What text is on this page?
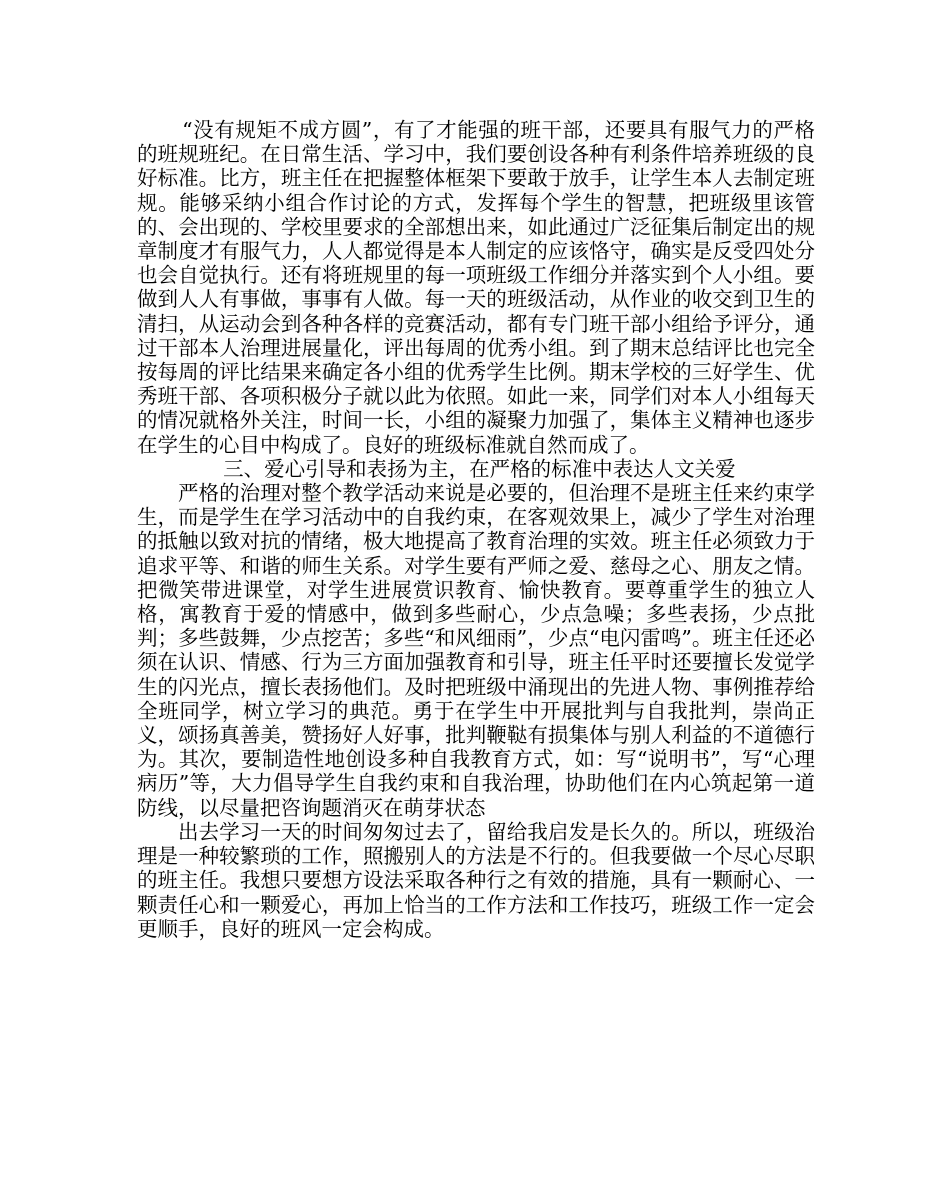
“没有规矩不成方圆”，有了才能强的班干部，还要具有服气力的严格的班规班纪。在日常生活、学习中，我们要创设各种有利条件培养班级的良好标准。比方，班主任在把握整体框架下要敢于放手，让学生本人去制定班规。能够采纳小组合作讨论的方式，发挥每个学生的智慧，把班级里该管的、会出现的、学校里要求的全部想出来，如此通过广泛征集后制定出的规章制度才有服气力，人人都觉得是本人制定的应该恪守，确实是反受四处分也会自觉执行。还有将班规里的每一项班级工作细分并落实到个人小组。要做到人人有事做，事事有人做。每一天的班级活动，从作业的收交到卫生的清扫，从运动会到各种各样的竞赛活动，都有专门班干部小组给予评分，通过干部本人治理进展量化，评出每周的优秀小组。到了期末总结评比也完全按每周的评比结果来确定各小组的优秀学生比例。期末学校的三好学生、优秀班干部、各项积极分子就以此为依照。如此一来，同学们对本人小组每天的情况就格外关注，时间一长，小组的凝聚力加强了，集体主义精神也逐步在学生的心目中构成了。良好的班级标准就自然而成了。

三、爱心引导和表扬为主，在严格的标准中表达人文关爱

严格的治理对整个教学活动来说是必要的，但治理不是班主任来约束学生，而是学生在学习活动中的自我约束，在客观效果上，减少了学生对治理的抵触以致对抗的情绪，极大地提高了教育治理的实效。班主任必须致力于追求平等、和谐的师生关系。对学生要有严师之爱、慈母之心、朋友之情。把微笑带进课堂，对学生进展赏识教育、愉快教育。要尊重学生的独立人格，寓教育于爱的情感中，做到多些耐心，少点急噪；多些表扬，少点批判；多些鼓舞，少点挖苦；多些“和风细雨”，少点“电闪雷鸣”。班主任还必须在认识、情感、行为三方面加强教育和引导，班主任平时还要擅长发觉学生的闪光点，擅长表扬他们。及时把班级中涌现出的先进人物、事例推荐给全班同学，树立学习的典范。勇于在学生中开展批判与自我批判，崇尚正义，颂扬真善美，赞扬好人好事，批判鞭鞑有损集体与别人利益的不道德行为。其次，要制造性地创设多种自我教育方式，如：写“说明书”，写“心理病历”等，大力倡导学生自我约束和自我治理，协助他们在内心筑起第一道防线，以尽量把咨询题消灭在萌芽状态

出去学习一天的时间匆匆过去了，留给我启发是长久的。所以，班级治理是一种较繁琐的工作，照搬别人的方法是不行的。但我要做一个尽心尽职的班主任。我想只要想方设法采取各种行之有效的措施，具有一颗耐心、一颗责任心和一颗爱心，再加上恰当的工作方法和工作技巧，班级工作一定会更顺手，良好的班风一定会构成。
